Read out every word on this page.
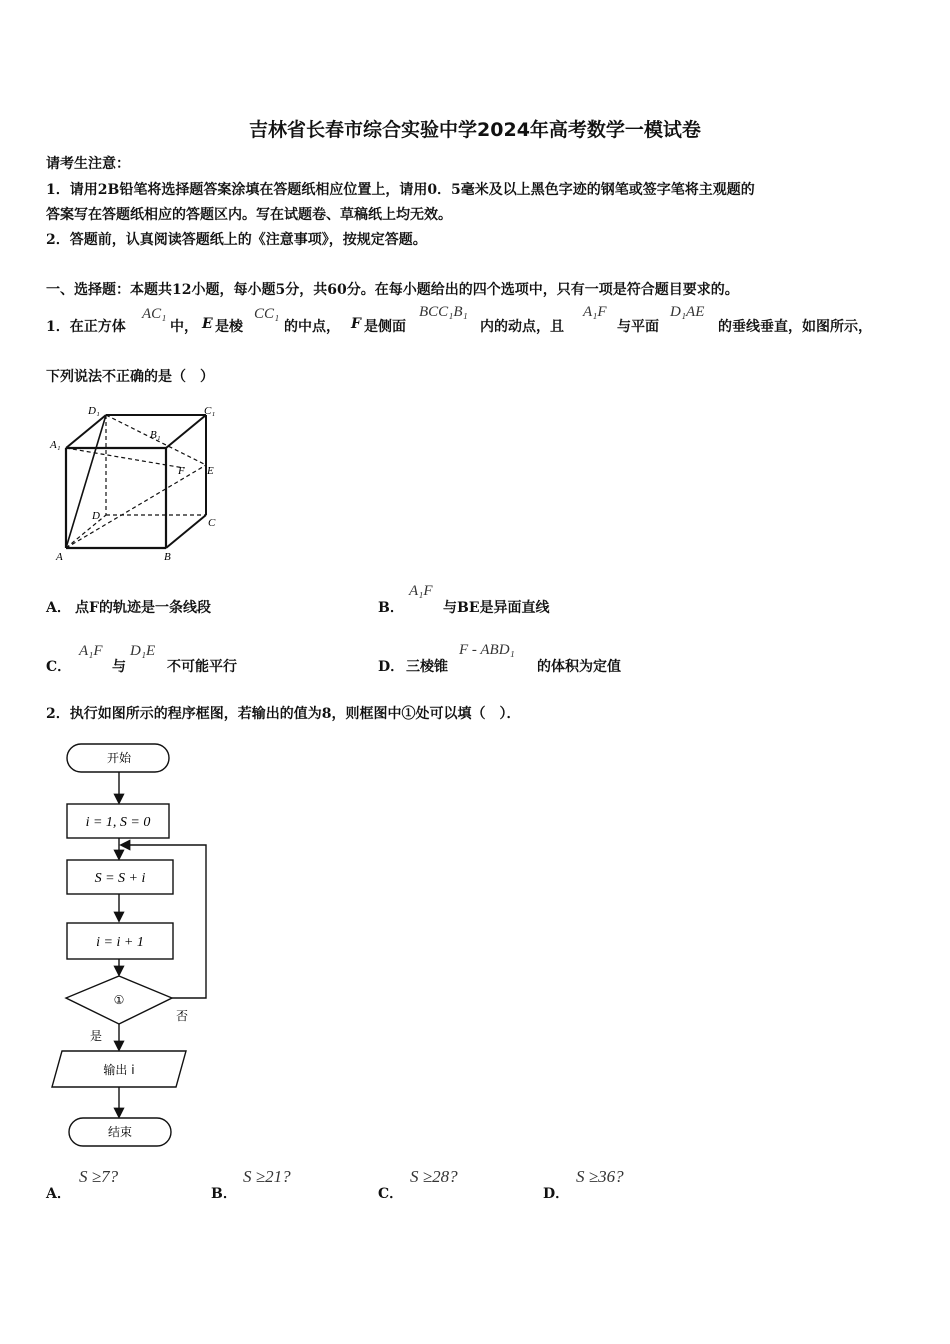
吉林省长春市综合实验中学2024年高考数学一模试卷
请考生注意：
1．请用2B铅笔将选择题答案涂填在答题纸相应位置上，请用0．5毫米及以上黑色字迹的钢笔或签字笔将主观题的
答案写在答题纸相应的答题区内。写在试题卷、草稿纸上均无效。
2．答题前，认真阅读答题纸上的《注意事项》，按规定答题。
一、选择题：本题共12小题，每小题5分，共60分。在每小题给出的四个选项中，只有一项是符合题目要求的。
1．在正方体
AC₁
中， E 是棱
CC₁
的中点， F 是侧面
BCC₁B₁
内的动点，且
A₁F
与平面
D₁AE
的垂线垂直，如图所示，
下列说法不正确的是（　）
D₁	C₁
A₁
B₁
F E
D
C
A	B
A． 点F的轨迹是一条线段	B．
A₁F
与BE是异面直线
C．
A₁F
与
D₁E
不可能平行	D． 三棱锥
F - ABD₁
的体积为定值
2．执行如图所示的程序框图，若输出的值为8，则框图中①处可以填（　）．
开始
i = 1, S = 0
S = S + i
i = i + 1
①
否
是
输出 i
结束
A．
S ≥7?
B．
S ≥21?
C．
S ≥28?
D．
S ≥36?
